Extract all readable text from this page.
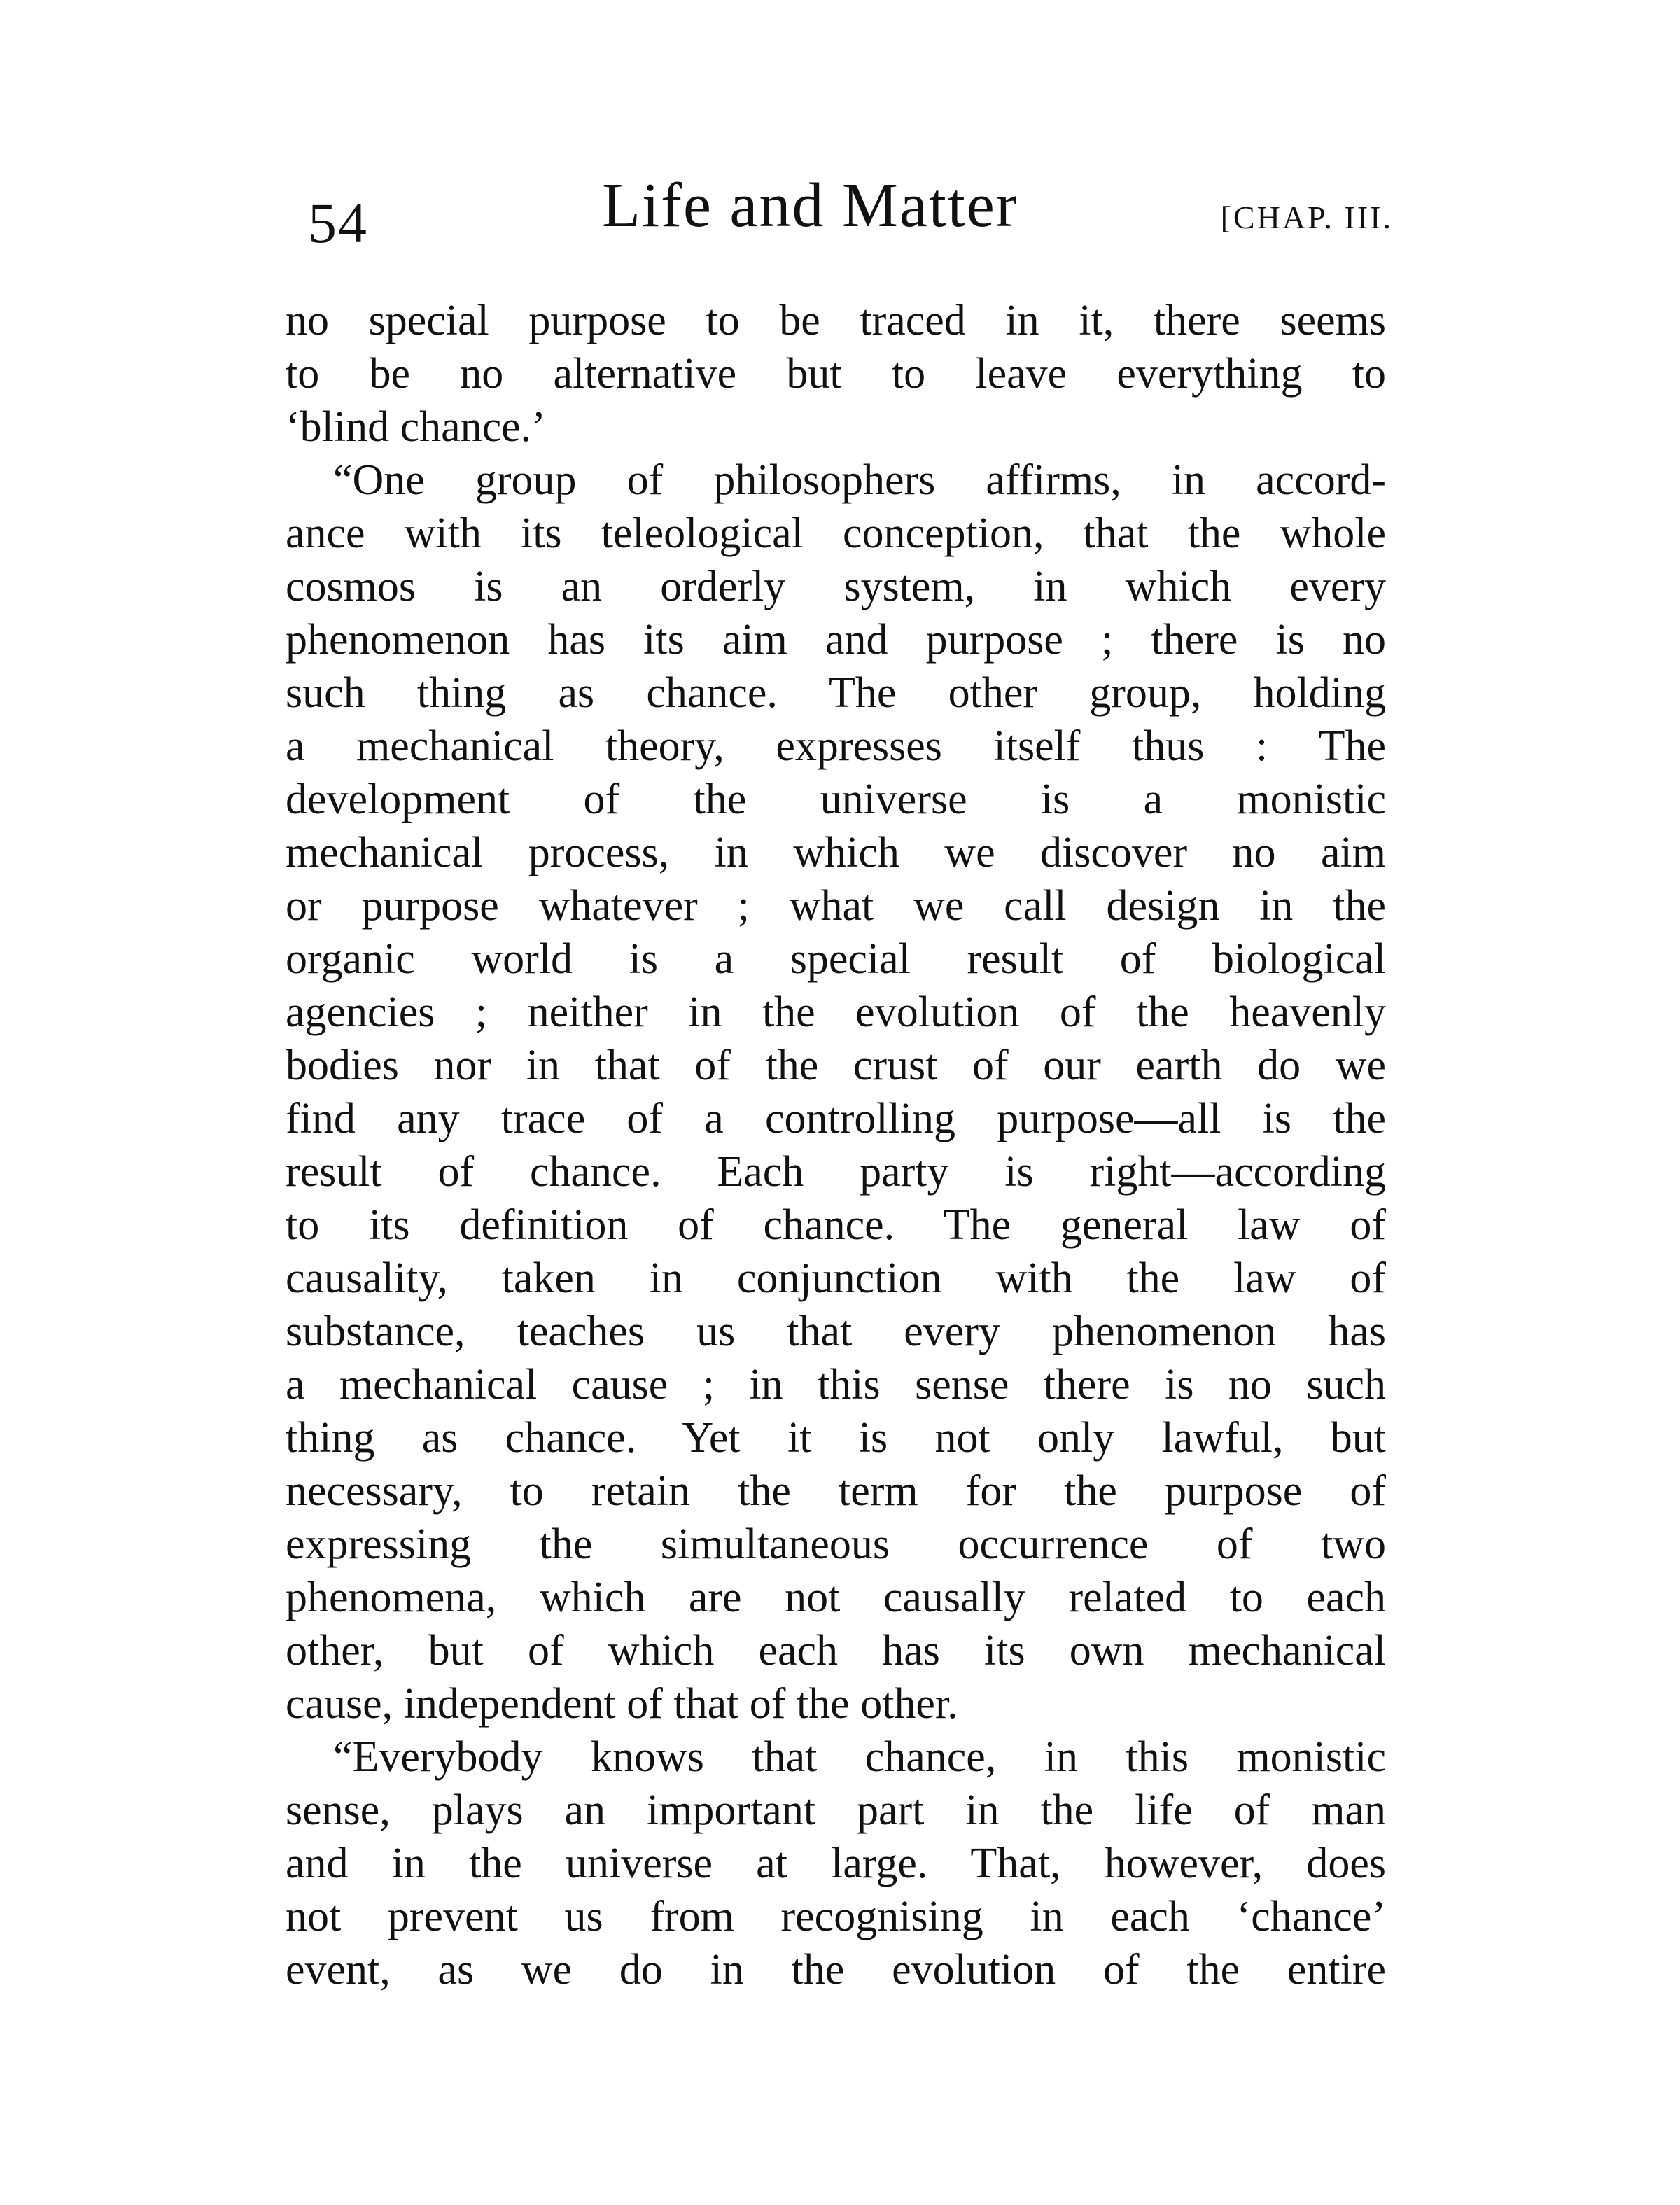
54	Life and Matter	[CHAP. III.
no special purpose to be traced in it, there seems
to be no alternative but to leave everything to
‘blind chance.’
“One group of philosophers affirms, in accord-
ance with its teleological conception, that the whole
cosmos is an orderly system, in which every
phenomenon has its aim and purpose ; there is no
such thing as chance. The other group, holding
a mechanical theory, expresses itself thus : The
development of the universe is a monistic
mechanical process, in which we discover no aim
or purpose whatever ; what we call design in the
organic world is a special result of biological
agencies ; neither in the evolution of the heavenly
bodies nor in that of the crust of our earth do we
find any trace of a controlling purpose—all is the
result of chance. Each party is right—according
to its definition of chance. The general law of
causality, taken in conjunction with the law of
substance, teaches us that every phenomenon has
a mechanical cause ; in this sense there is no such
thing as chance. Yet it is not only lawful, but
necessary, to retain the term for the purpose of
expressing the simultaneous occurrence of two
phenomena, which are not causally related to each
other, but of which each has its own mechanical
cause, independent of that of the other.
“Everybody knows that chance, in this monistic
sense, plays an important part in the life of man
and in the universe at large. That, however, does
not prevent us from recognising in each ‘chance’
event, as we do in the evolution of the entire
